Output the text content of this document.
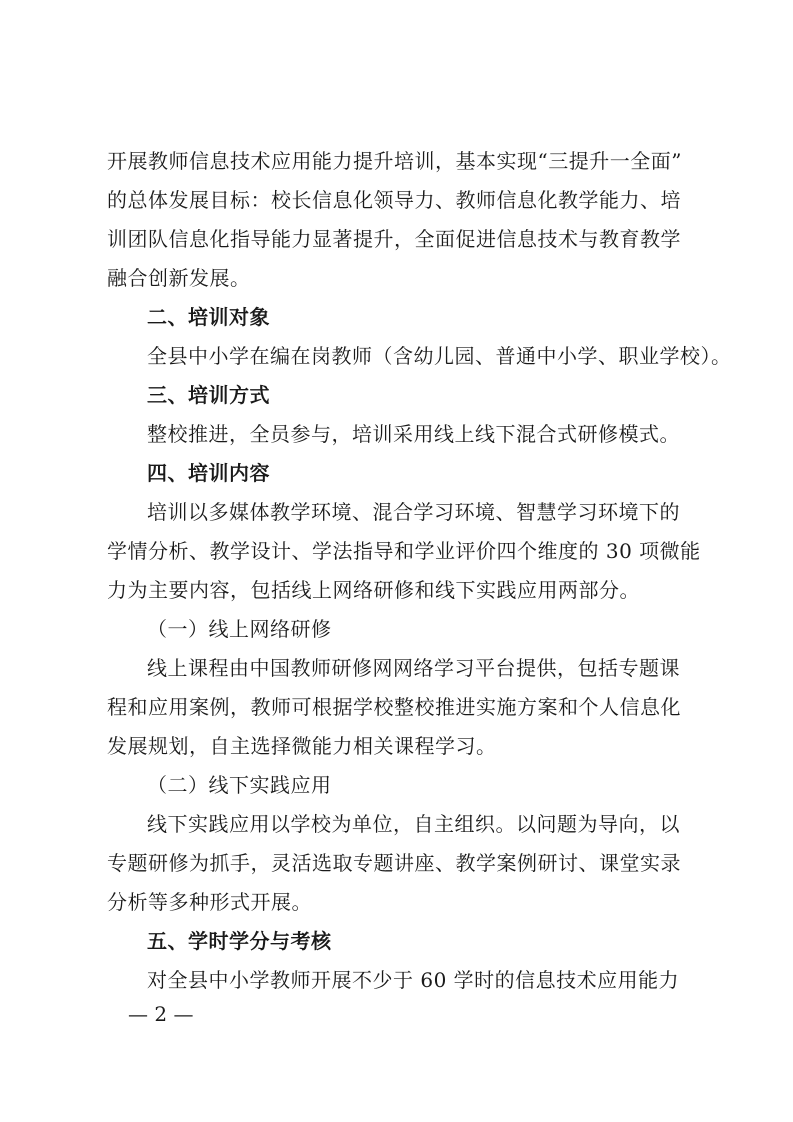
开展教师信息技术应用能力提升培训，基本实现“三提升一全面”
的总体发展目标：校长信息化领导力、教师信息化教学能力、培
训团队信息化指导能力显著提升，全面促进信息技术与教育教学
融合创新发展。
二、培训对象
全县中小学在编在岗教师（含幼儿园、普通中小学、职业学校）。
三、培训方式
整校推进，全员参与，培训采用线上线下混合式研修模式。
四、培训内容
培训以多媒体教学环境、混合学习环境、智慧学习环境下的
学情分析、教学设计、学法指导和学业评价四个维度的 30 项微能
力为主要内容，包括线上网络研修和线下实践应用两部分。
（一）线上网络研修
线上课程由中国教师研修网网络学习平台提供，包括专题课
程和应用案例，教师可根据学校整校推进实施方案和个人信息化
发展规划，自主选择微能力相关课程学习。
（二）线下实践应用
线下实践应用以学校为单位，自主组织。以问题为导向，以
专题研修为抓手，灵活选取专题讲座、教学案例研讨、课堂实录
分析等多种形式开展。
五、学时学分与考核
对全县中小学教师开展不少于 60 学时的信息技术应用能力
— 2 —
